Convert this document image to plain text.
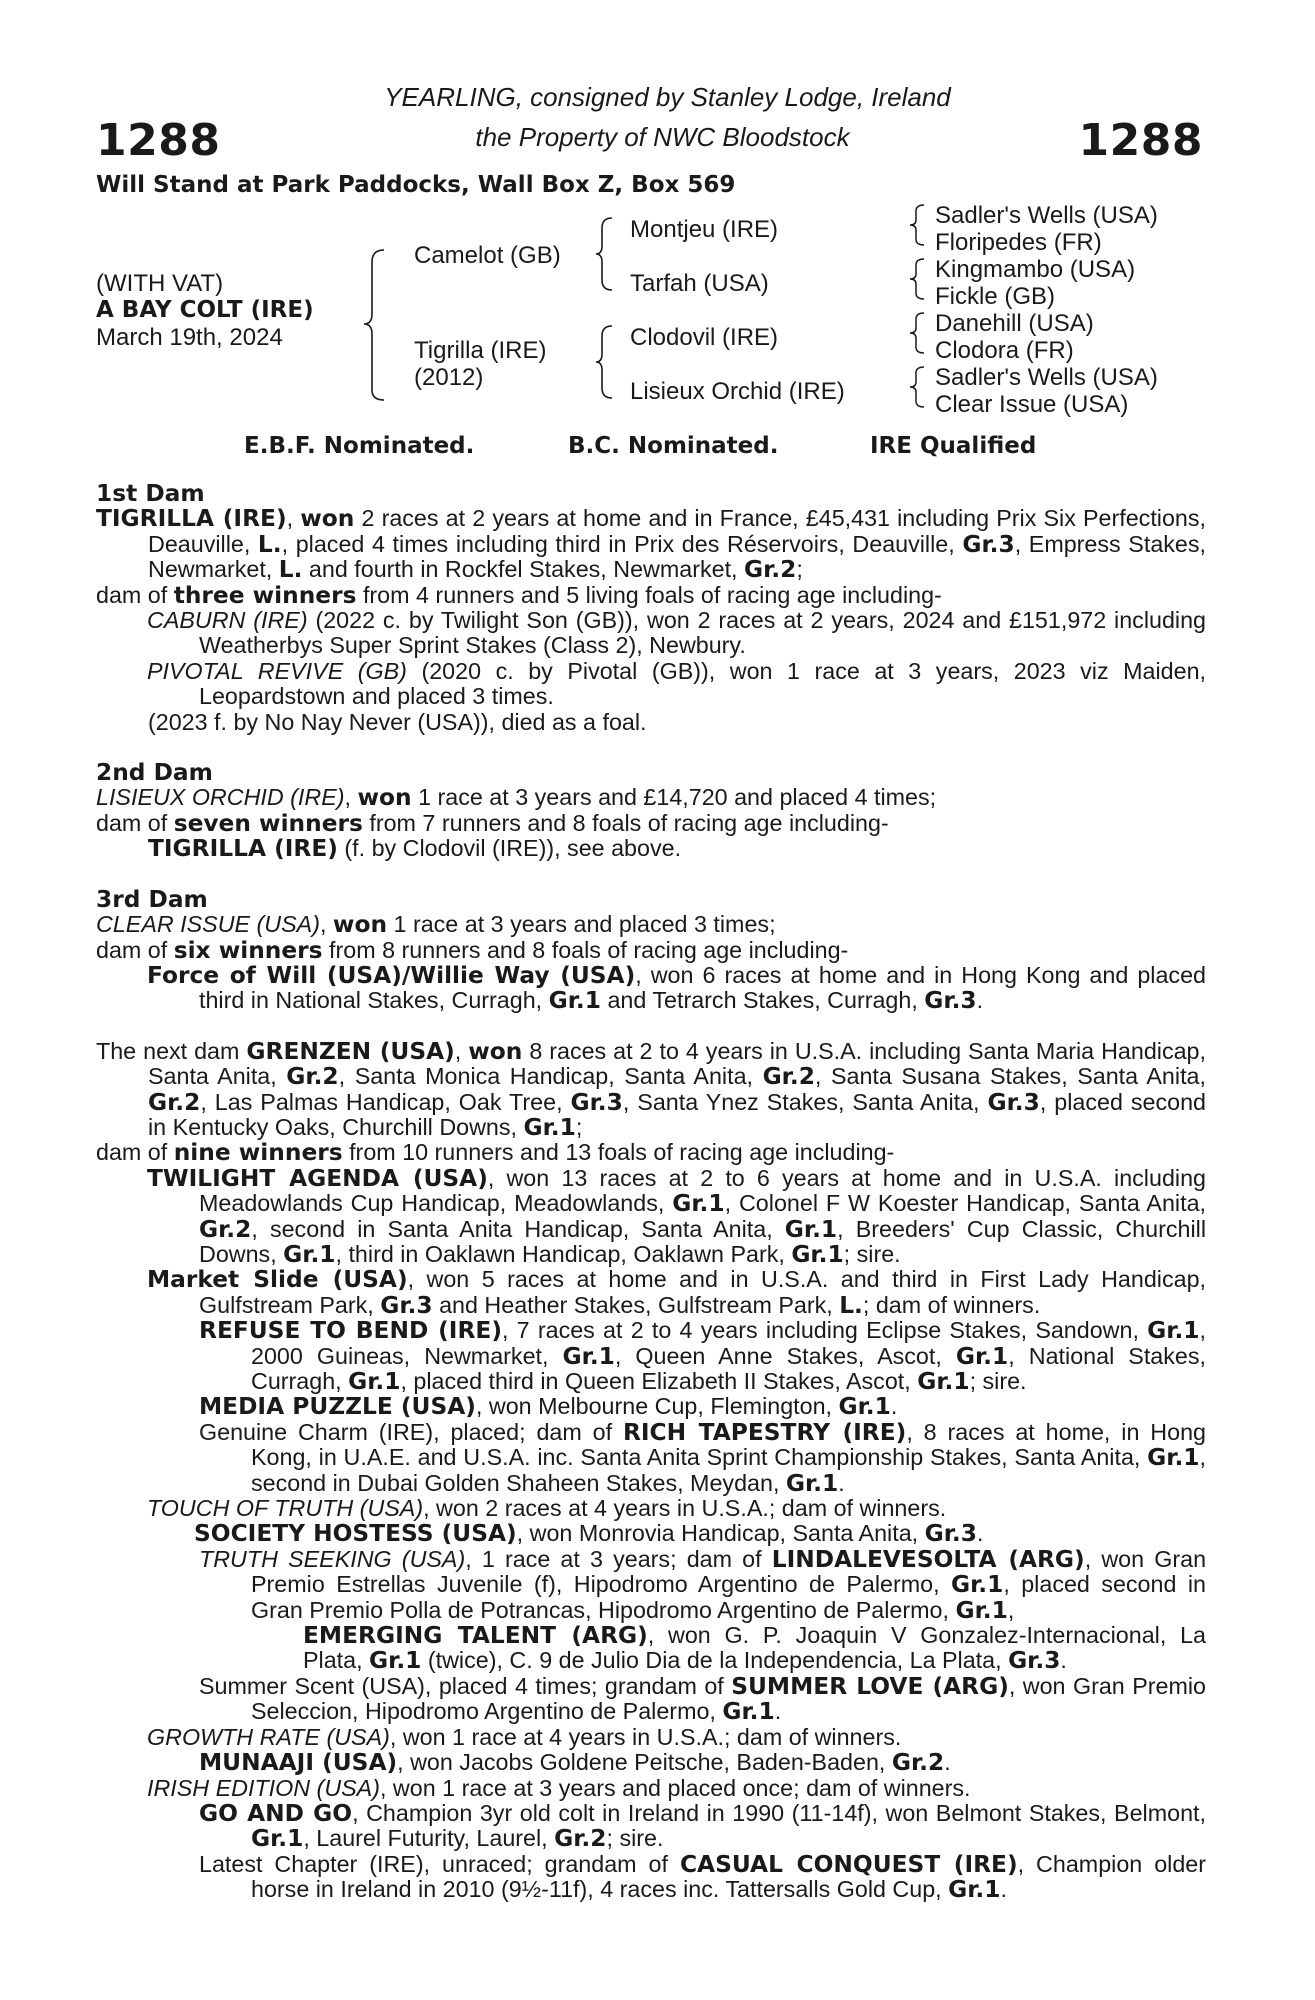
1288	1288
YEARLING, consigned by Stanley Lodge, Ireland
the Property of NWC Bloodstock
Will Stand at Park Paddocks, Wall Box Z, Box 569
(WITH VAT)
A BAY COLT (IRE)
March 19th, 2024
Camelot (GB)
Tigrilla (IRE)
(2012)
Montjeu (IRE)
Tarfah (USA)
Clodovil (IRE)
Lisieux Orchid (IRE)
Sadler's Wells (USA)
Floripedes (FR)
Kingmambo (USA)
Fickle (GB)
Danehill (USA)
Clodora (FR)
Sadler's Wells (USA)
Clear Issue (USA)
E.B.F. Nominated.	B.C. Nominated.	IRE Qualified
1st Dam
TIGRILLA (IRE), won 2 races at 2 years at home and in France, £45,431 including Prix Six Perfections, Deauville, L., placed 4 times including third in Prix des Réservoirs, Deauville, Gr.3, Empress Stakes, Newmarket, L. and fourth in Rockfel Stakes, Newmarket, Gr.2;
dam of three winners from 4 runners and 5 living foals of racing age including-
CABURN (IRE) (2022 c. by Twilight Son (GB)), won 2 races at 2 years, 2024 and £151,972 including Weatherbys Super Sprint Stakes (Class 2), Newbury.
PIVOTAL REVIVE (GB) (2020 c. by Pivotal (GB)), won 1 race at 3 years, 2023 viz Maiden, Leopardstown and placed 3 times.
(2023 f. by No Nay Never (USA)), died as a foal.
2nd Dam
LISIEUX ORCHID (IRE), won 1 race at 3 years and £14,720 and placed 4 times;
dam of seven winners from 7 runners and 8 foals of racing age including-
TIGRILLA (IRE) (f. by Clodovil (IRE)), see above.
3rd Dam
CLEAR ISSUE (USA), won 1 race at 3 years and placed 3 times;
dam of six winners from 8 runners and 8 foals of racing age including-
Force of Will (USA)/Willie Way (USA), won 6 races at home and in Hong Kong and placed third in National Stakes, Curragh, Gr.1 and Tetrarch Stakes, Curragh, Gr.3.
The next dam GRENZEN (USA), won 8 races at 2 to 4 years in U.S.A. including Santa Maria Handicap, Santa Anita, Gr.2, Santa Monica Handicap, Santa Anita, Gr.2, Santa Susana Stakes, Santa Anita, Gr.2, Las Palmas Handicap, Oak Tree, Gr.3, Santa Ynez Stakes, Santa Anita, Gr.3, placed second in Kentucky Oaks, Churchill Downs, Gr.1;
dam of nine winners from 10 runners and 13 foals of racing age including-
TWILIGHT AGENDA (USA), won 13 races at 2 to 6 years at home and in U.S.A. including Meadowlands Cup Handicap, Meadowlands, Gr.1, Colonel F W Koester Handicap, Santa Anita, Gr.2, second in Santa Anita Handicap, Santa Anita, Gr.1, Breeders' Cup Classic, Churchill Downs, Gr.1, third in Oaklawn Handicap, Oaklawn Park, Gr.1; sire.
Market Slide (USA), won 5 races at home and in U.S.A. and third in First Lady Handicap, Gulfstream Park, Gr.3 and Heather Stakes, Gulfstream Park, L.; dam of winners.
REFUSE TO BEND (IRE), 7 races at 2 to 4 years including Eclipse Stakes, Sandown, Gr.1, 2000 Guineas, Newmarket, Gr.1, Queen Anne Stakes, Ascot, Gr.1, National Stakes, Curragh, Gr.1, placed third in Queen Elizabeth II Stakes, Ascot, Gr.1; sire.
MEDIA PUZZLE (USA), won Melbourne Cup, Flemington, Gr.1.
Genuine Charm (IRE), placed; dam of RICH TAPESTRY (IRE), 8 races at home, in Hong Kong, in U.A.E. and U.S.A. inc. Santa Anita Sprint Championship Stakes, Santa Anita, Gr.1, second in Dubai Golden Shaheen Stakes, Meydan, Gr.1.
TOUCH OF TRUTH (USA), won 2 races at 4 years in U.S.A.; dam of winners.
SOCIETY HOSTESS (USA), won Monrovia Handicap, Santa Anita, Gr.3.
TRUTH SEEKING (USA), 1 race at 3 years; dam of LINDALEVESOLTA (ARG), won Gran Premio Estrellas Juvenile (f), Hipodromo Argentino de Palermo, Gr.1, placed second in Gran Premio Polla de Potrancas, Hipodromo Argentino de Palermo, Gr.1,
EMERGING TALENT (ARG), won G. P. Joaquin V Gonzalez-Internacional, La Plata, Gr.1 (twice), C. 9 de Julio Dia de la Independencia, La Plata, Gr.3.
Summer Scent (USA), placed 4 times; grandam of SUMMER LOVE (ARG), won Gran Premio Seleccion, Hipodromo Argentino de Palermo, Gr.1.
GROWTH RATE (USA), won 1 race at 4 years in U.S.A.; dam of winners.
MUNAAJI (USA), won Jacobs Goldene Peitsche, Baden-Baden, Gr.2.
IRISH EDITION (USA), won 1 race at 3 years and placed once; dam of winners.
GO AND GO, Champion 3yr old colt in Ireland in 1990 (11-14f), won Belmont Stakes, Belmont, Gr.1, Laurel Futurity, Laurel, Gr.2; sire.
Latest Chapter (IRE), unraced; grandam of CASUAL CONQUEST (IRE), Champion older horse in Ireland in 2010 (9½-11f), 4 races inc. Tattersalls Gold Cup, Gr.1.
